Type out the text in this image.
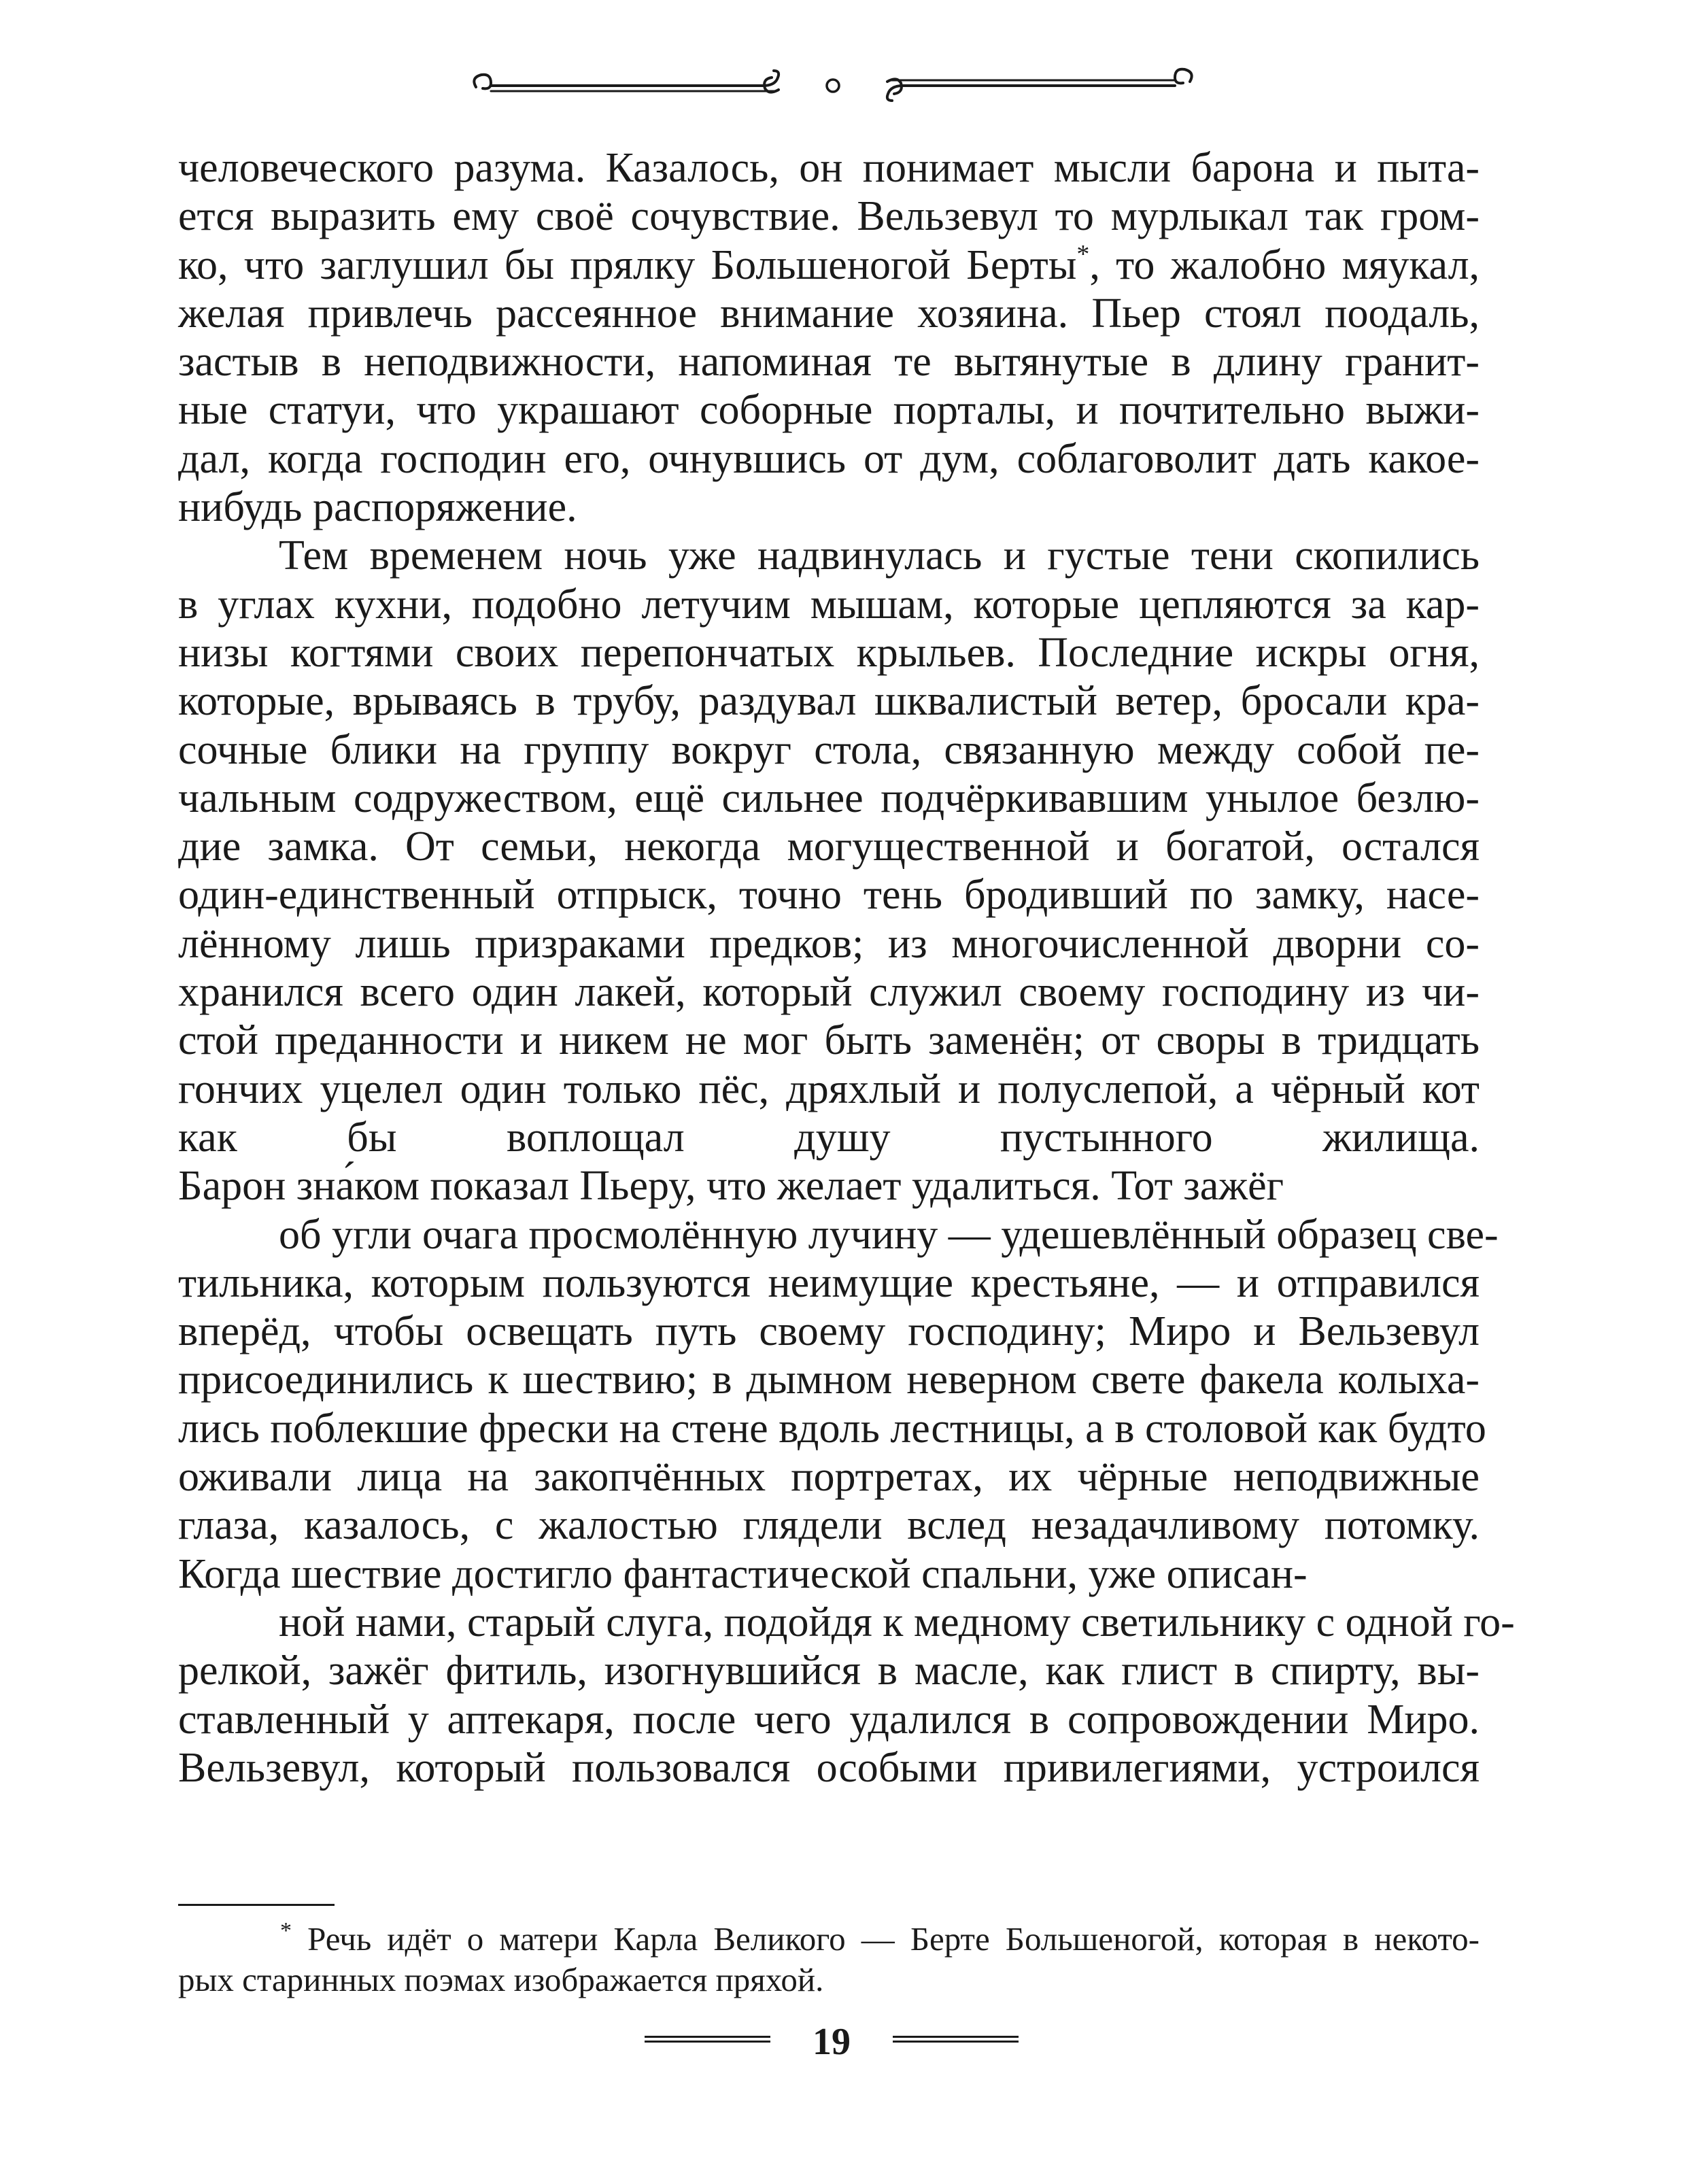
человеческого разума. Казалось, он понимает мысли барона и пыта-
ется выразить ему своё сочувствие. Вельзевул то мурлыкал так гром-
ко, что заглушил бы прялку Большеногой Берты*, то жалобно мяукал,
желая привлечь рассеянное внимание хозяина. Пьер стоял поодаль,
застыв в неподвижности, напоминая те вытянутые в длину гранит-
ные статуи, что украшают соборные порталы, и почтительно выжи-
дал, когда господин его, очнувшись от дум, соблаговолит дать какое-
нибудь распоряжение.
Тем временем ночь уже надвинулась и густые тени скопились
в углах кухни, подобно летучим мышам, которые цепляются за кар-
низы когтями своих перепончатых крыльев. Последние искры огня,
которые, врываясь в трубу, раздувал шквалистый ветер, бросали кра-
сочные блики на группу вокруг стола, связанную между собой пе-
чальным содружеством, ещё сильнее подчёркивавшим унылое безлю-
дие замка. От семьи, некогда могущественной и богатой, остался
один-единственный отпрыск, точно тень бродивший по замку, насе-
лённому лишь призраками предков; из многочисленной дворни со-
хранился всего один лакей, который служил своему господину из чи-
стой преданности и никем не мог быть заменён; от своры в тридцать
гончих уцелел один только пёс, дряхлый и полуслепой, а чёрный кот
как бы воплощал душу пустынного жилища.
Барон зна́ком показал Пьеру, что желает удалиться. Тот зажёг
об угли очага просмолённую лучину — удешевлённый образец све-
тильника, которым пользуются неимущие крестьяне, — и отправился
вперёд, чтобы освещать путь своему господину; Миро и Вельзевул
присоединились к шествию; в дымном неверном свете факела колыха-
лись поблекшие фрески на стене вдоль лестницы, а в столовой как будто
оживали лица на закопчённых портретах, их чёрные неподвижные
глаза, казалось, с жалостью глядели вслед незадачливому потомку.
Когда шествие достигло фантастической спальни, уже описан-
ной нами, старый слуга, подойдя к медному светильнику с одной го-
релкой, зажёг фитиль, изогнувшийся в масле, как глист в спирту, вы-
ставленный у аптекаря, после чего удалился в сопровождении Миро.
Вельзевул, который пользовался особыми привилегиями, устроился
* Речь идёт о матери Карла Великого — Берте Большеногой, которая в некото-
рых старинных поэмах изображается пряхой.
19
